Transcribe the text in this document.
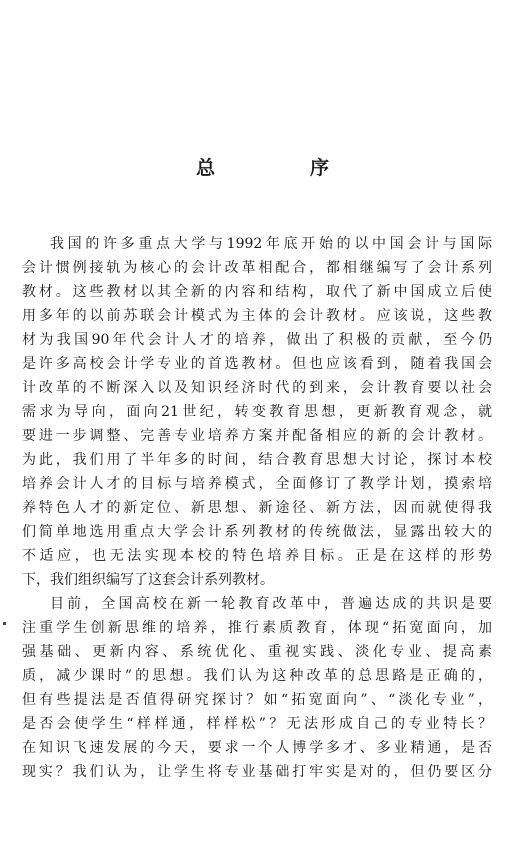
总　序
我国的许多重点大学与1992年底开始的以中国会计与国际
会计惯例接轨为核心的会计改革相配合，都相继编写了会计系列
教材。这些教材以其全新的内容和结构，取代了新中国成立后使
用多年的以前苏联会计模式为主体的会计教材。应该说，这些教
材为我国90年代会计人才的培养，做出了积极的贡献，至今仍
是许多高校会计学专业的首选教材。但也应该看到，随着我国会
计改革的不断深入以及知识经济时代的到来，会计教育要以社会
需求为导向，面向21世纪，转变教育思想，更新教育观念，就
要进一步调整、完善专业培养方案并配备相应的新的会计教材。
为此，我们用了半年多的时间，结合教育思想大讨论，探讨本校
培养会计人才的目标与培养模式，全面修订了教学计划，摸索培
养特色人才的新定位、新思想、新途径、新方法，因而就使得我
们简单地选用重点大学会计系列教材的传统做法，显露出较大的
不适应，也无法实现本校的特色培养目标。正是在这样的形势
下，我们组织编写了这套会计系列教材。
目前，全国高校在新一轮教育改革中，普遍达成的共识是要
注重学生创新思维的培养，推行素质教育，体现“拓宽面向，加
强基础、更新内容、系统优化、重视实践、淡化专业、提高素
质，减少课时”的思想。我们认为这种改革的总思路是正确的，
但有些提法是否值得研究探讨？如“拓宽面向”、“淡化专业”，
是否会使学生“样样通，样样松”？无法形成自己的专业特长？
在知识飞速发展的今天，要求一个人博学多才、多业精通，是否
现实？我们认为，让学生将专业基础打牢实是对的，但仍要区分
